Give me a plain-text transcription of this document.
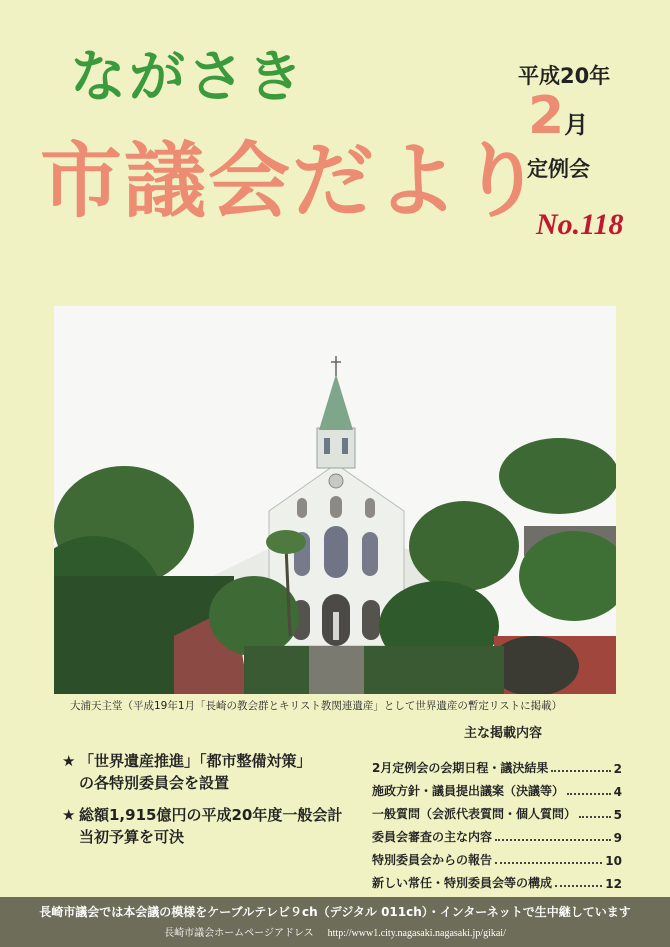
ながさき
市議会だより
平成20年
2月
定例会
No.118
大浦天主堂（平成19年1月「長崎の教会群とキリスト教関連遺産」として世界遺産の暫定リストに掲載）
★ 「世界遺産推進」「都市整備対策」
の各特別委員会を設置
★ 総額1,915億円の平成20年度一般会計
当初予算を可決
主な掲載内容
2月定例会の会期日程・議決結果	2
施政方針・議員提出議案（決議等）	4
一般質問（会派代表質問・個人質問）	5
委員会審査の主な内容	9
特別委員会からの報告	10
新しい常任・特別委員会等の構成	12
長崎市議会では本会議の模様をケーブルテレビ９ch（デジタル 011ch）・インターネットで生中継しています
長崎市議会ホームページアドレス http://www1.city.nagasaki.nagasaki.jp/gikai/
